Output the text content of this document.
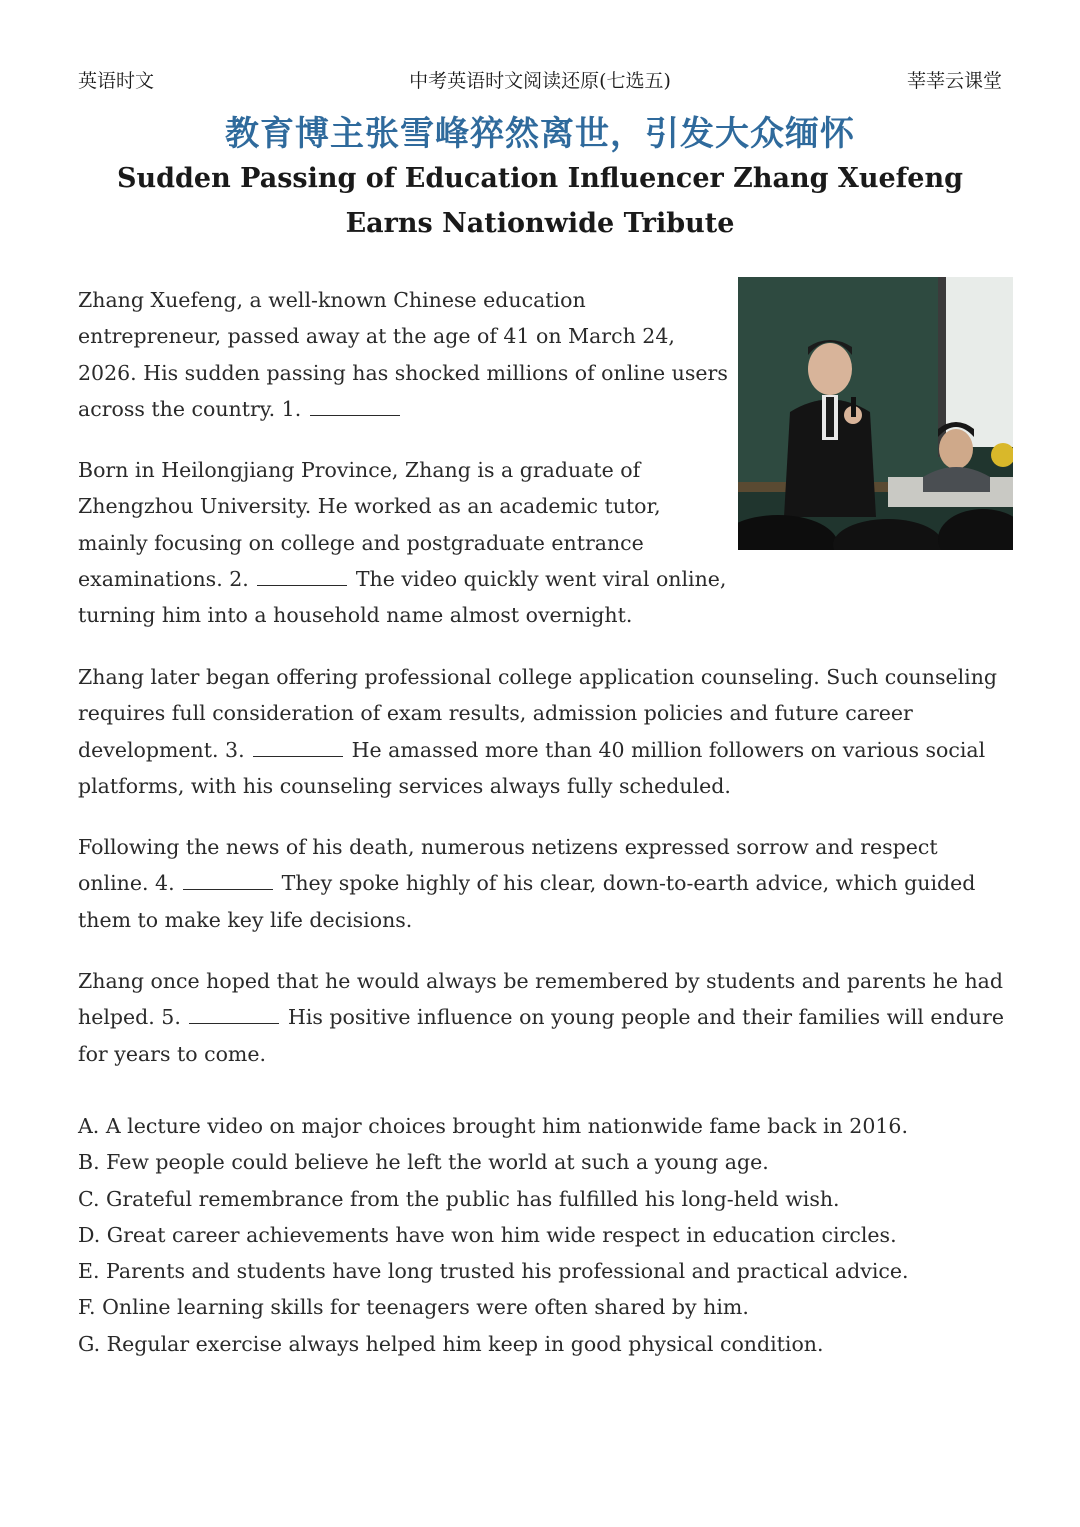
英语时文	中考英语时文阅读还原(七选五)	莘莘云课堂
教育博主张雪峰猝然离世，引发大众缅怀
Sudden Passing of Education Influencer Zhang Xuefeng Earns Nationwide Tribute
Zhang Xuefeng, a well-known Chinese education entrepreneur, passed away at the age of 41 on March 24, 2026. His sudden passing has shocked millions of online users across the country. 1.
Born in Heilongjiang Province, Zhang is a graduate of Zhengzhou University. He worked as an academic tutor, mainly focusing on college and postgraduate entrance examinations. 2.	The video quickly went viral online, turning him into a household name almost overnight.
Zhang later began offering professional college application counseling. Such counseling requires full consideration of exam results, admission policies and future career development. 3.	He amassed more than 40 million followers on various social platforms, with his counseling services always fully scheduled.
Following the news of his death, numerous netizens expressed sorrow and respect online. 4.	They spoke highly of his clear, down-to-earth advice, which guided them to make key life decisions.
Zhang once hoped that he would always be remembered by students and parents he had helped. 5.	His positive influence on young people and their families will endure for years to come.
A. A lecture video on major choices brought him nationwide fame back in 2016.
B. Few people could believe he left the world at such a young age.
C. Grateful remembrance from the public has fulfilled his long-held wish.
D. Great career achievements have won him wide respect in education circles.
E. Parents and students have long trusted his professional and practical advice.
F. Online learning skills for teenagers were often shared by him.
G. Regular exercise always helped him keep in good physical condition.
